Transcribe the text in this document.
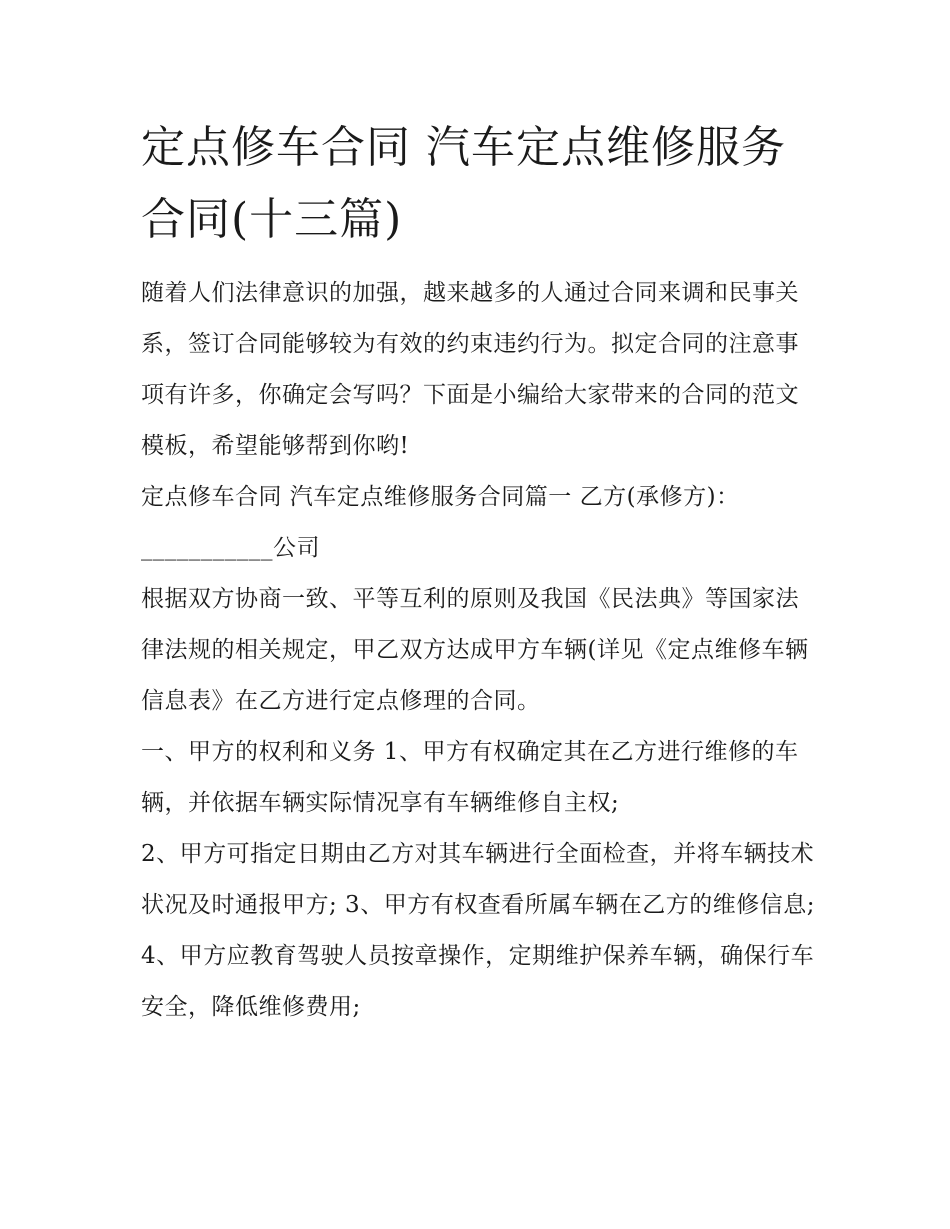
定点修车合同 汽车定点维修服务合同(十三篇)

随着人们法律意识的加强，越来越多的人通过合同来调和民事关系，签订合同能够较为有效的约束违约行为。拟定合同的注意事项有许多，你确定会写吗？下面是小编给大家带来的合同的范文模板，希望能够帮到你哟!

定点修车合同 汽车定点维修服务合同篇一 乙方(承修方)：

___________公司

根据双方协商一致、平等互利的原则及我国《民法典》等国家法律法规的相关规定，甲乙双方达成甲方车辆(详见《定点维修车辆信息表》在乙方进行定点修理的合同。

一、甲方的权利和义务 1、甲方有权确定其在乙方进行维修的车辆，并依据车辆实际情况享有车辆维修自主权;

2、甲方可指定日期由乙方对其车辆进行全面检查，并将车辆技术状况及时通报甲方; 3、甲方有权查看所属车辆在乙方的维修信息;

4、甲方应教育驾驶人员按章操作，定期维护保养车辆，确保行车安全，降低维修费用;
